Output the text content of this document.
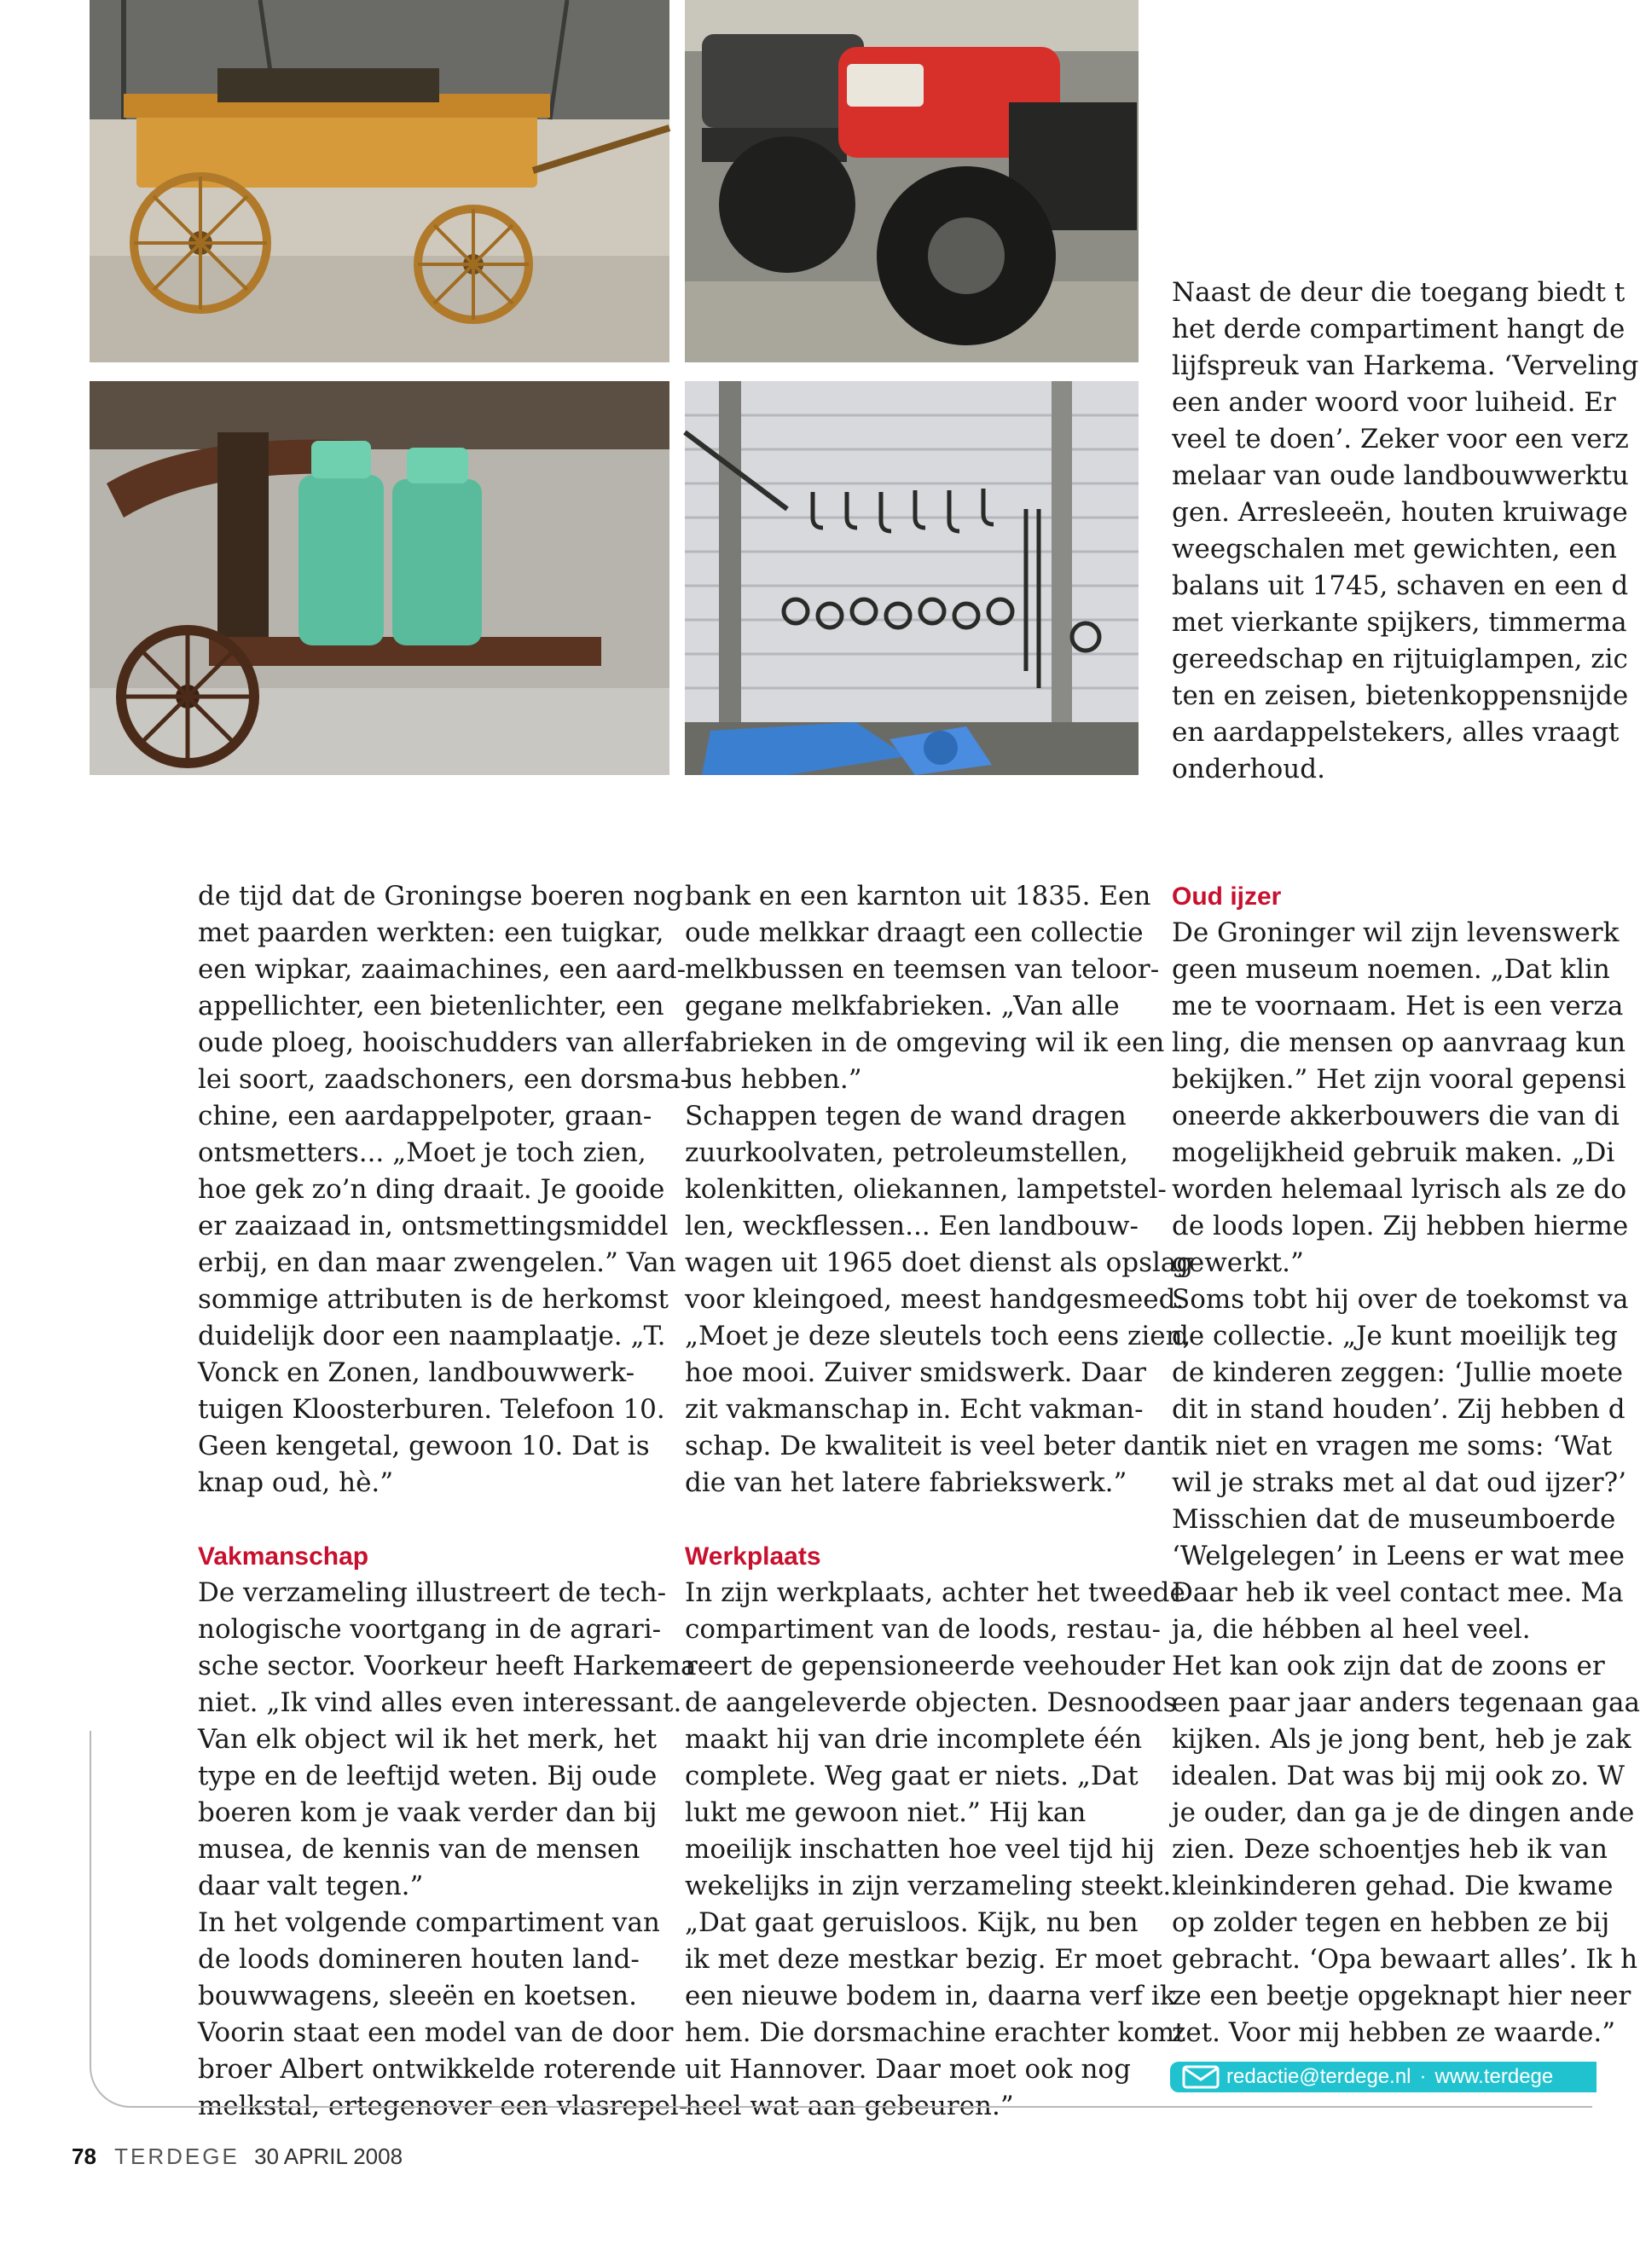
de tijd dat de Groningse boeren nog
met paarden werkten: een tuigkar,
een wipkar, zaaimachines, een aard-
appellichter, een bietenlichter, een
oude ploeg, hooischudders van aller-
lei soort, zaadschoners, een dorsma-
chine, een aardappelpoter, graan-
ontsmetters... „Moet je toch zien,
hoe gek zo’n ding draait. Je gooide
er zaaizaad in, ontsmettingsmiddel
erbij, en dan maar zwengelen.” Van
sommige attributen is de herkomst
duidelijk door een naamplaatje. „T.
Vonck en Zonen, landbouwwerk-
tuigen Kloosterburen. Telefoon 10.
Geen kengetal, gewoon 10. Dat is
knap oud, hè.”

Vakmanschap

De verzameling illustreert de tech-
nologische voortgang in de agrari-
sche sector. Voorkeur heeft Harkema
niet. „Ik vind alles even interessant.
Van elk object wil ik het merk, het
type en de leeftijd weten. Bij oude
boeren kom je vaak verder dan bij
musea, de kennis van de mensen
daar valt tegen.”

In het volgende compartiment van
de loods domineren houten land-
bouwwagens, sleeën en koetsen.
Voorin staat een model van de door
broer Albert ontwikkelde roterende
melkstal, ertegenover een vlasrepel-

bank en een karnton uit 1835. Een
oude melkkar draagt een collectie
melkbussen en teemsen van teloor-
gegane melkfabrieken. „Van alle
fabrieken in de omgeving wil ik een
bus hebben.”

Schappen tegen de wand dragen
zuurkoolvaten, petroleumstellen,
kolenkitten, oliekannen, lampetstel-
len, weckflessen... Een landbouw-
wagen uit 1965 doet dienst als opslag
voor kleingoed, meest handgesmeed.
„Moet je deze sleutels toch eens zien,
hoe mooi. Zuiver smidswerk. Daar
zit vakmanschap in. Echt vakman-
schap. De kwaliteit is veel beter dan
die van het latere fabriekswerk.”

Werkplaats

In zijn werkplaats, achter het tweede
compartiment van de loods, restau-
reert de gepensioneerde veehouder
de aangeleverde objecten. Desnoods
maakt hij van drie incomplete één
complete. Weg gaat er niets. „Dat
lukt me gewoon niet.” Hij kan
moeilijk inschatten hoe veel tijd hij
wekelijks in zijn verzameling steekt.
„Dat gaat geruisloos. Kijk, nu ben
ik met deze mestkar bezig. Er moet
een nieuwe bodem in, daarna verf ik
hem. Die dorsmachine erachter komt
uit Hannover. Daar moet ook nog
heel wat aan gebeuren.”

Naast de deur die toegang biedt t
het derde compartiment hangt de
lijfspreuk van Harkema. ‘Verveling
een ander woord voor luiheid. Er
veel te doen’. Zeker voor een verz
melaar van oude landbouwwerktu
gen. Arresleeën, houten kruiwage
weegschalen met gewichten, een
balans uit 1745, schaven en een d
met vierkante spijkers, timmerma
gereedschap en rijtuiglampen, zic
ten en zeisen, bietenkoppensnijde
en aardappelstekers, alles vraagt
onderhoud.

Oud ijzer

De Groninger wil zijn levenswerk
geen museum noemen. „Dat klin
me te voornaam. Het is een verza
ling, die mensen op aanvraag kun
bekijken.” Het zijn vooral gepensi
oneerde akkerbouwers die van di
mogelijkheid gebruik maken. „Di
worden helemaal lyrisch als ze do
de loods lopen. Zij hebben hierme
gewerkt.”

Soms tobt hij over de toekomst va
de collectie. „Je kunt moeilijk teg
de kinderen zeggen: ‘Jullie moete
dit in stand houden’. Zij hebben d
tik niet en vragen me soms: ‘Wat
wil je straks met al dat oud ijzer?’
Misschien dat de museumboerde
‘Welgelegen’ in Leens er wat mee
Daar heb ik veel contact mee. Ma
ja, die hébben al heel veel.

Het kan ook zijn dat de zoons er
een paar jaar anders tegenaan gaa
kijken. Als je jong bent, heb je zak
idealen. Dat was bij mij ook zo. W
je ouder, dan ga je de dingen ande
zien. Deze schoentjes heb ik van
kleinkinderen gehad. Die kwame
op zolder tegen en hebben ze bij
gebracht. ‘Opa bewaart alles’. Ik h
ze een beetje opgeknapt hier neer
zet. Voor mij hebben ze waarde.”

redactie@terdege.nl · www.terdege
78 TERDEGE 30 APRIL 2008
